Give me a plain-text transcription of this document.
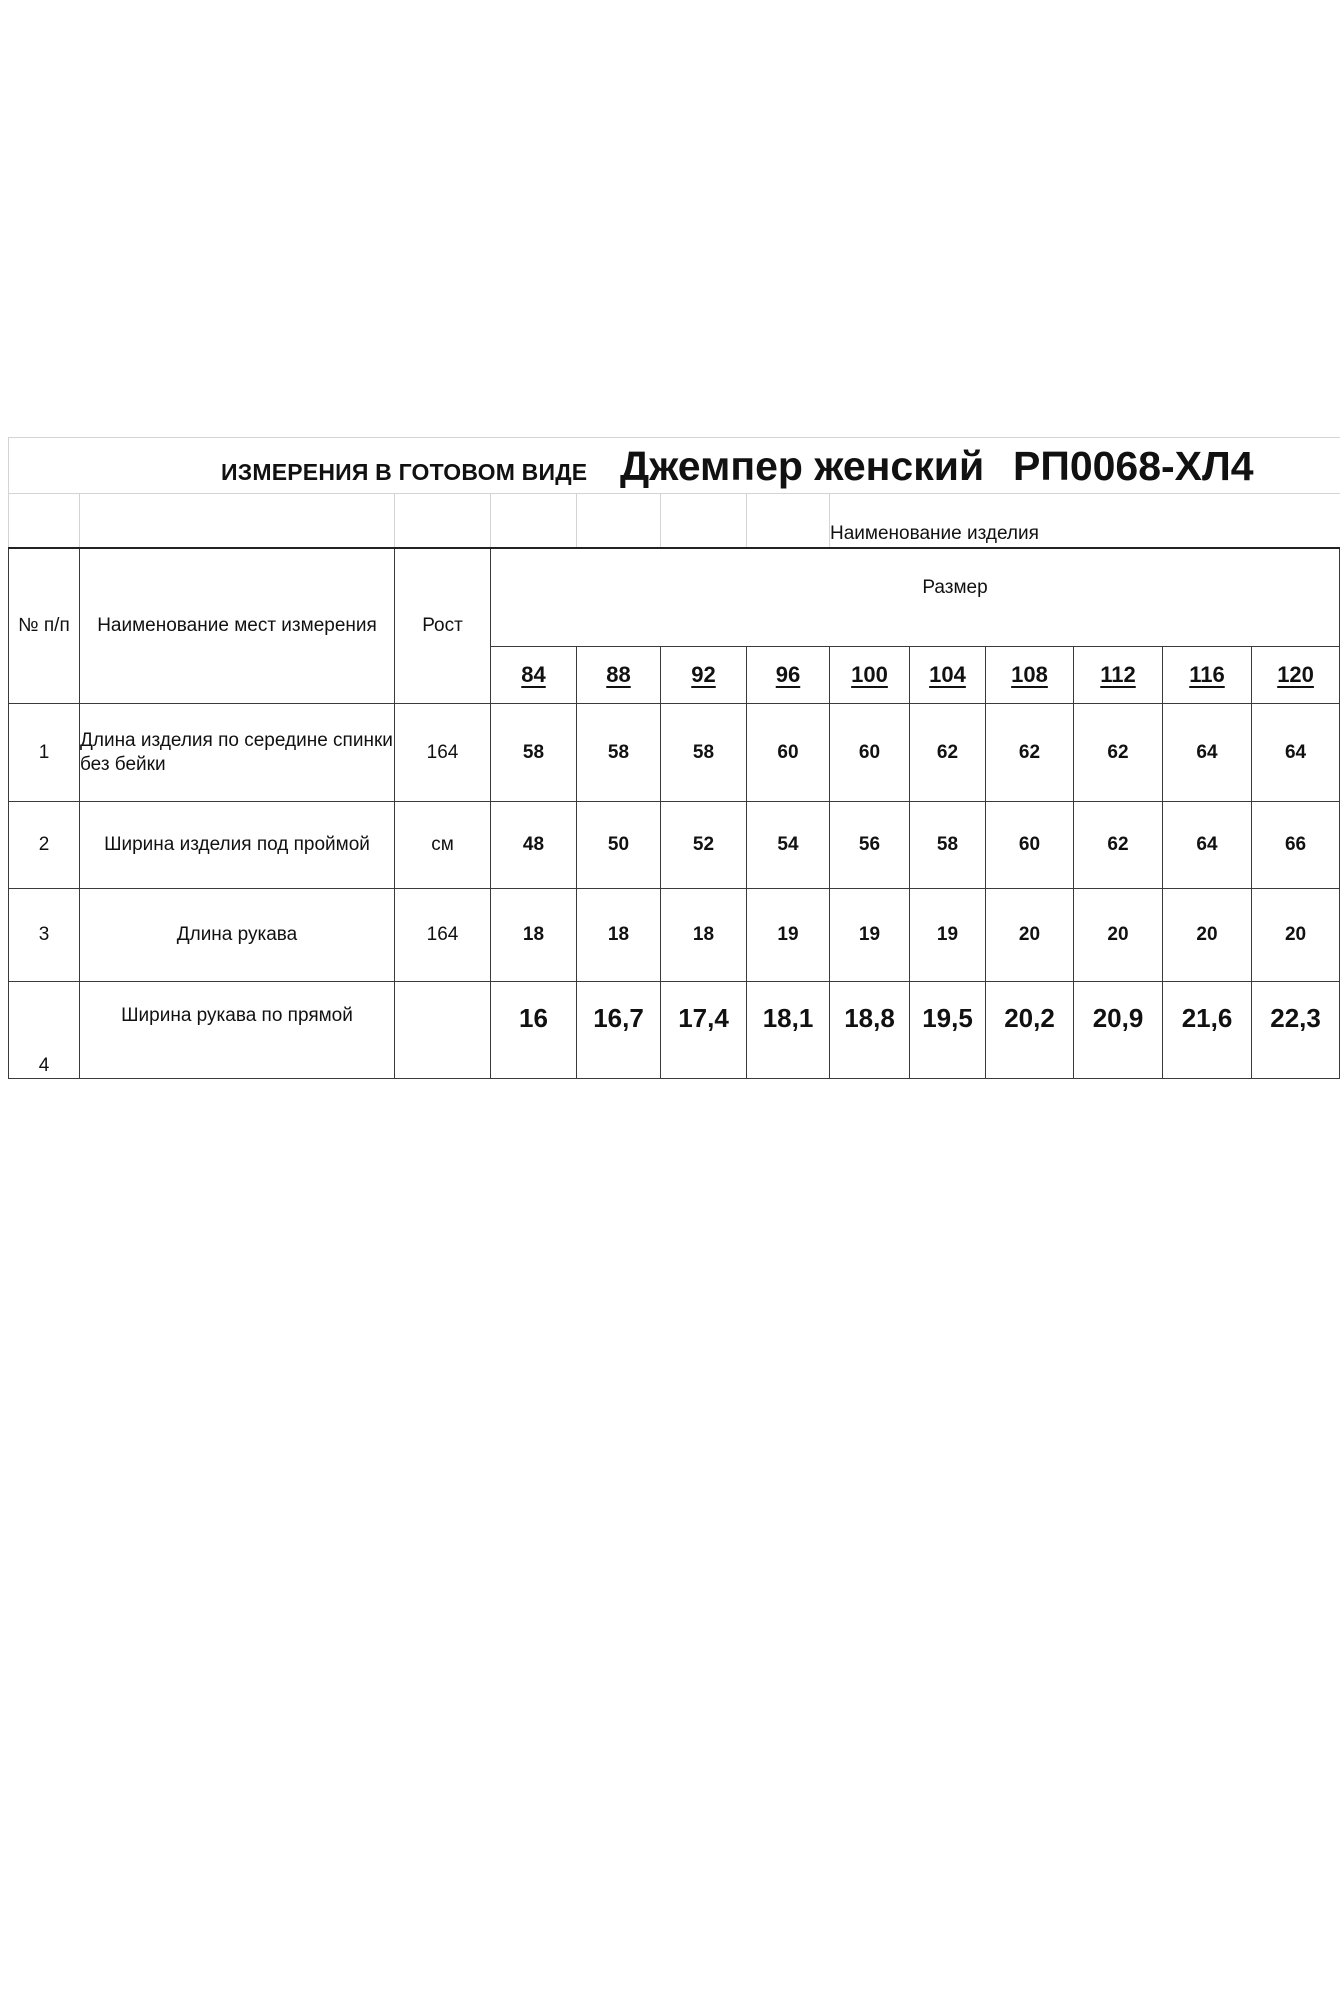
ИЗМЕРЕНИЯ В ГОТОВОМ ВИДЕ Джемпер женский РП0068-ХЛ4												

							Наименование изделия					

№ п/п	Наименование мест измерения	Рост	Размер									

			84	88	92	96	100	104	108	112	116	120
1	Длина изделия по середине спинки без бейки	164	58	58	58	60	60	62	62	62	64	64
2	Ширина изделия под проймой	см	48	50	52	54	56	58	60	62	64	66
3	Длина рукава	164	18	18	18	19	19	19	20	20	20	20
4	Ширина рукава по прямой		16	16,7	17,4	18,1	18,8	19,5	20,2	20,9	21,6	22,3
